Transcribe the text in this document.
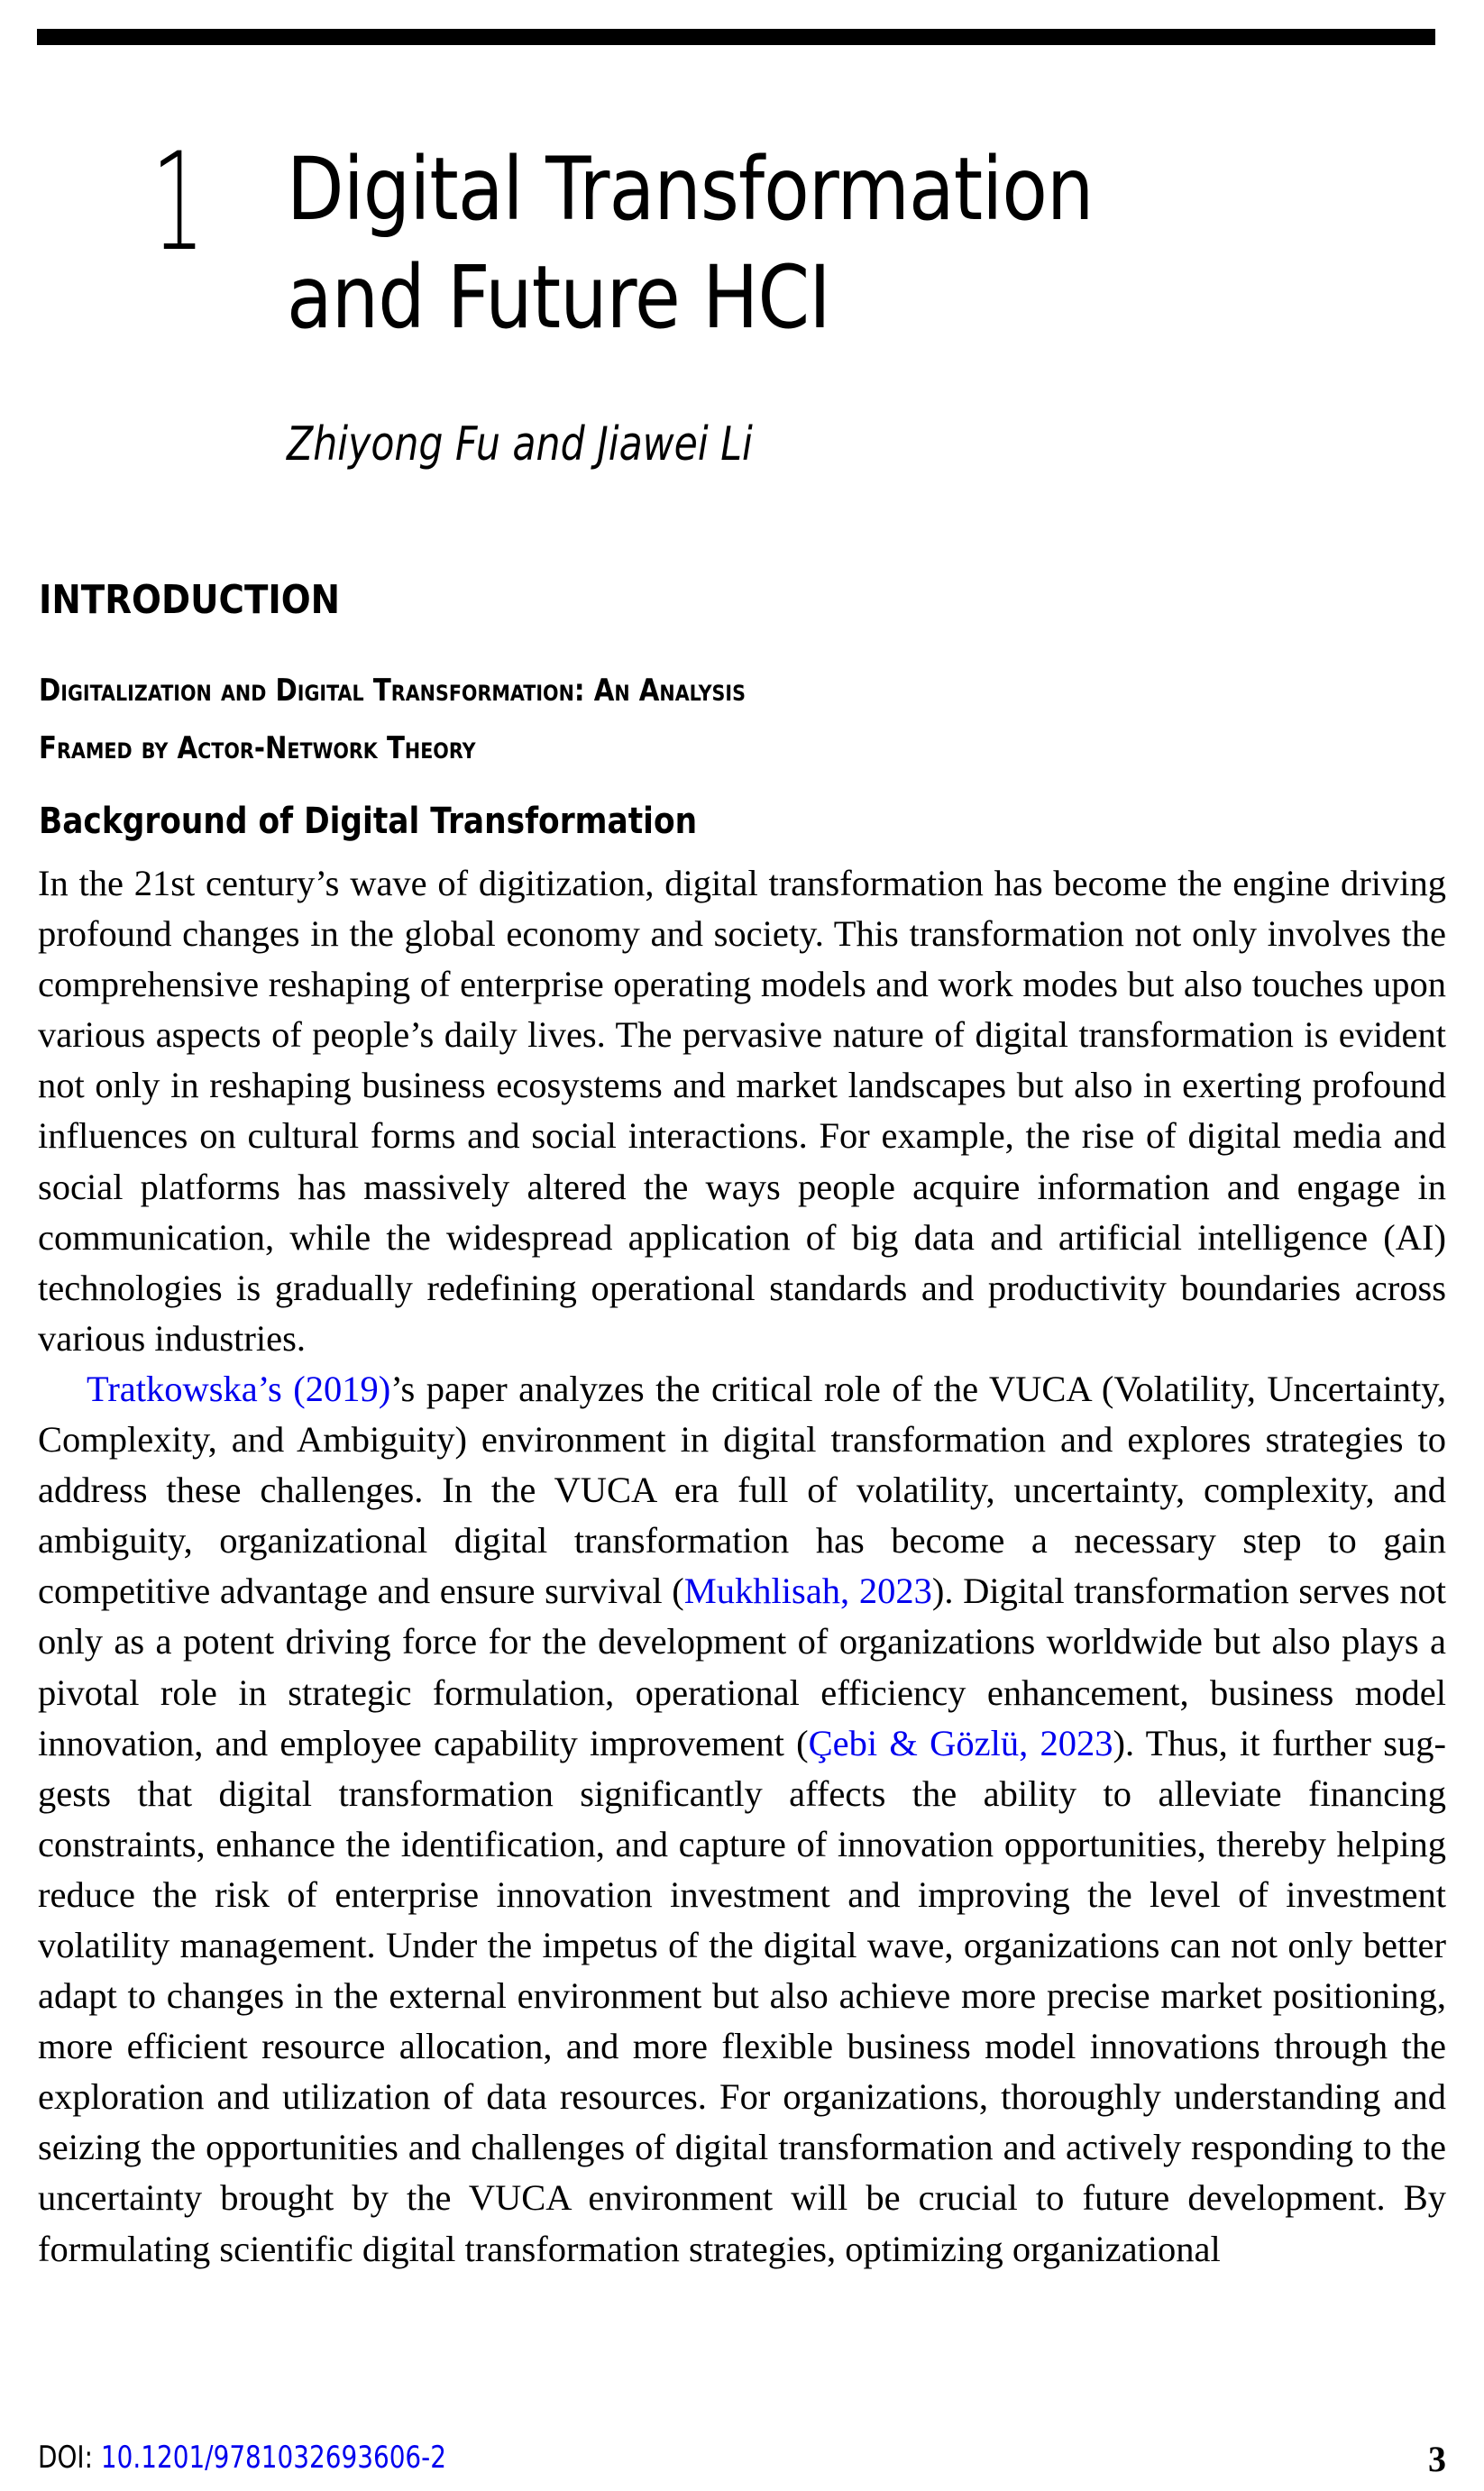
1 Digital Transformation
and Future HCI
Zhiyong Fu and Jiawei Li
INTRODUCTION
Digitalization and Digital Transformation: An Analysis
Framed by Actor-Network Theory
Background of Digital Transformation

In the 21st century’s wave of digitization, digital transformation has become the engine driving profound changes in the global economy and society. This transformation not only involves the comprehensive reshaping of enterprise operating models and work modes but also touches upon various aspects of people’s daily lives. The pervasive nature of digital transformation is evident not only in reshaping business ecosystems and market landscapes but also in exerting profound influences on cultural forms and social interactions. For example, the rise of digital media and social platforms has massively altered the ways people acquire information and engage in communication, while the widespread application of big data and artificial intelligence (AI) technologies is gradually redefining operational standards and productivity boundaries across various industries.

Tratkowska’s (2019)’s paper analyzes the critical role of the VUCA (Volatility, Uncertainty, Complexity, and Ambiguity) environment in digital transformation and explores strategies to address these challenges. In the VUCA era full of volatility, uncertainty, complexity, and ambiguity, organizational digital transformation has become a necessary step to gain competitive advantage and ensure survival (Mukhlisah, 2023). Digital transformation serves not only as a potent driving force for the development of organizations worldwide but also plays a pivotal role in strategic formulation, operational efficiency enhancement, business model innovation, and employee capability improvement (Çebi & Gözlü, 2023). Thus, it further suggests that digital transformation significantly affects the ability to alleviate financing constraints, enhance the identification, and capture of innovation opportunities, thereby helping reduce the risk of enterprise innovation investment and improving the level of investment volatility management. Under the impetus of the digital wave, organizations can not only better adapt to changes in the external environment but also achieve more precise market positioning, more efficient resource allocation, and more flexible business model innovations through the exploration and utilization of data resources. For organizations, thoroughly understanding and seizing the opportunities and challenges of digital transformation and actively responding to the uncertainty brought by the VUCA environment will be crucial to future development. By formulating scientific digital transformation strategies, optimizing organizational

DOI: 10.1201/9781032693606-2	3
